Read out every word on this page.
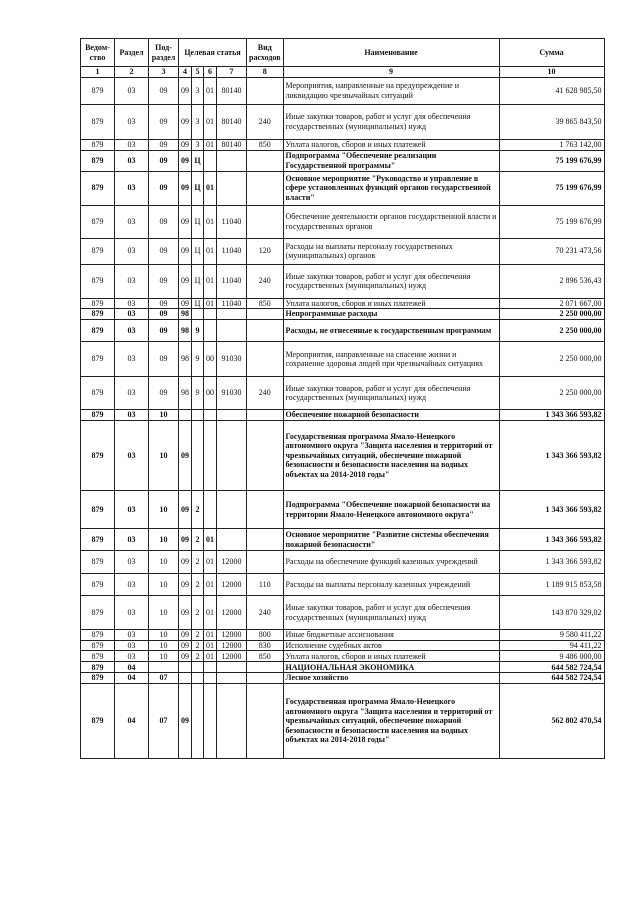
Ведом-ство	Раздел	Под-раздел	Целевая статья				Вид расходов	Наименование	Сумма
1	2	3	4	5	6	7	8	9	10
879	03	09	09	3	01	80140		Мероприятия, направленные на предупреждение и ликвидацию чрезвычайных ситуаций	41 628 985,50
879	03	09	09	3	01	80140	240	Иные закупки товаров, работ и услуг для обеспечения государственных (муниципальных) нужд	39 865 843,50
879	03	09	09	3	01	80140	850	Уплата налогов, сборов и иных платежей	1 763 142,00
879	03	09	09	Ц				Подпрограмма "Обеспечение реализации Государственной программы"	75 199 676,99
879	03	09	09	Ц	01			Основное мероприятие "Руководство и управление в сфере установленных функций органов государственной власти"	75 199 676,99
879	03	09	09	Ц	01	11040		Обеспечение деятельности органов государственной власти и государственных органов	75 199 676,99
879	03	09	09	Ц	01	11040	120	Расходы на выплаты персоналу государственных (муниципальных) органов	70 231 473,56
879	03	09	09	Ц	01	11040	240	Иные закупки товаров, работ и услуг для обеспечения государственных (муниципальных) нужд	2 896 536,43
879	03	09	09	Ц	01	11040	850	Уплата налогов, сборов и иных платежей	2 071 667,00
879	03	09	98					Непрограммные расходы	2 250 000,00
879	03	09	98	9				Расходы, не отнесенные к государственным программам	2 250 000,00
879	03	09	98	9	00	91030		Мероприятия, направленные на спасение жизни и сохранение здоровья людей при чрезвычайных ситуациях	2 250 000,00
879	03	09	98	9	00	91030	240	Иные закупки товаров, работ и услуг для обеспечения государственных (муниципальных) нужд	2 250 000,00
879	03	10						Обеспечение пожарной безопасности	1 343 366 593,82
879	03	10	09					Государственная программа Ямало-Ненецкого автономного округа "Защита населения и территорий от чрезвычайных ситуаций, обеспечение пожарной безопасности и безопасности населения на водных объектах на 2014-2018 годы"	1 343 366 593,82
879	03	10	09	2				Подпрограмма "Обеспечение пожарной безопасности на территории Ямало-Ненецкого автономного округа"	1 343 366 593,82
879	03	10	09	2	01			Основное мероприятие "Развитие системы обеспечения пожарной безопасности"	1 343 366 593,82
879	03	10	09	2	01	12000		Расходы на обеспечение функций казенных учреждений	1 343 366 593,82
879	03	10	09	2	01	12000	110	Расходы на выплаты персоналу казенных учреждений	1 189 915 853,58
879	03	10	09	2	01	12000	240	Иные закупки товаров, работ и услуг для обеспечения государственных (муниципальных) нужд	143 870 329,02
879	03	10	09	2	01	12000	800	Иные бюджетные ассигнования	9 580 411,22
879	03	10	09	2	01	12000	830	Исполнение судебных актов	94 411,22
879	03	10	09	2	01	12000	850	Уплата налогов, сборов и иных платежей	9 486 000,00
879	04							НАЦИОНАЛЬНАЯ ЭКОНОМИКА	644 582 724,54
879	04	07						Лесное хозяйство	644 582 724,54
879	04	07	09					Государственная программа Ямало-Ненецкого автономного округа "Защита населения и территорий от чрезвычайных ситуаций, обеспечение пожарной безопасности и безопасности населения на водных объектах на 2014-2018 годы"	562 802 470,54
